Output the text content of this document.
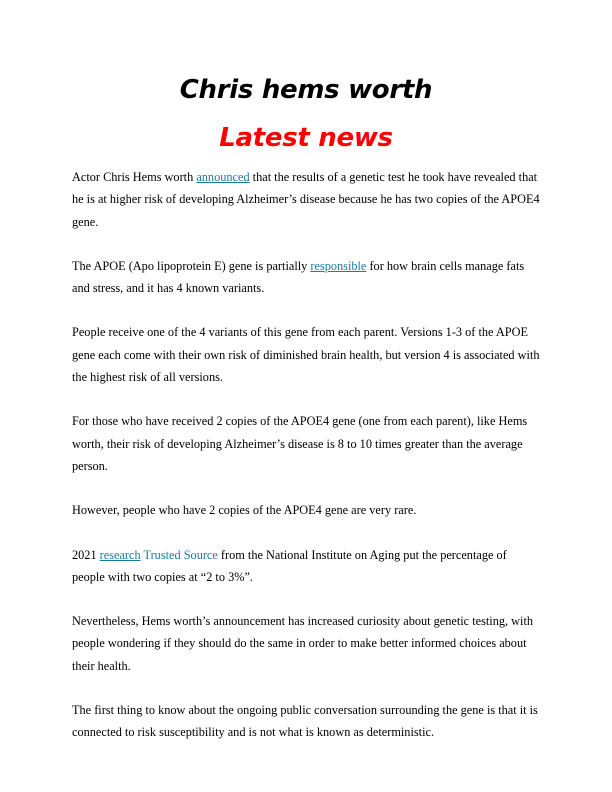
Chris hems worth
Latest news

Actor Chris Hems worth announced that the results of a genetic test he took have revealed that he is at higher risk of developing Alzheimer’s disease because he has two copies of the APOE4 gene.

The APOE (Apo lipoprotein E) gene is partially responsible for how brain cells manage fats and stress, and it has 4 known variants.

People receive one of the 4 variants of this gene from each parent. Versions 1-3 of the APOE gene each come with their own risk of diminished brain health, but version 4 is associated with the highest risk of all versions.

For those who have received 2 copies of the APOE4 gene (one from each parent), like Hems worth, their risk of developing Alzheimer’s disease is 8 to 10 times greater than the average person.

However, people who have 2 copies of the APOE4 gene are very rare.

2021 research Trusted Source from the National Institute on Aging put the percentage of people with two copies at “2 to 3%”.

Nevertheless, Hems worth’s announcement has increased curiosity about genetic testing, with people wondering if they should do the same in order to make better informed choices about their health.

The first thing to know about the ongoing public conversation surrounding the gene is that it is connected to risk susceptibility and is not what is known as deterministic.
